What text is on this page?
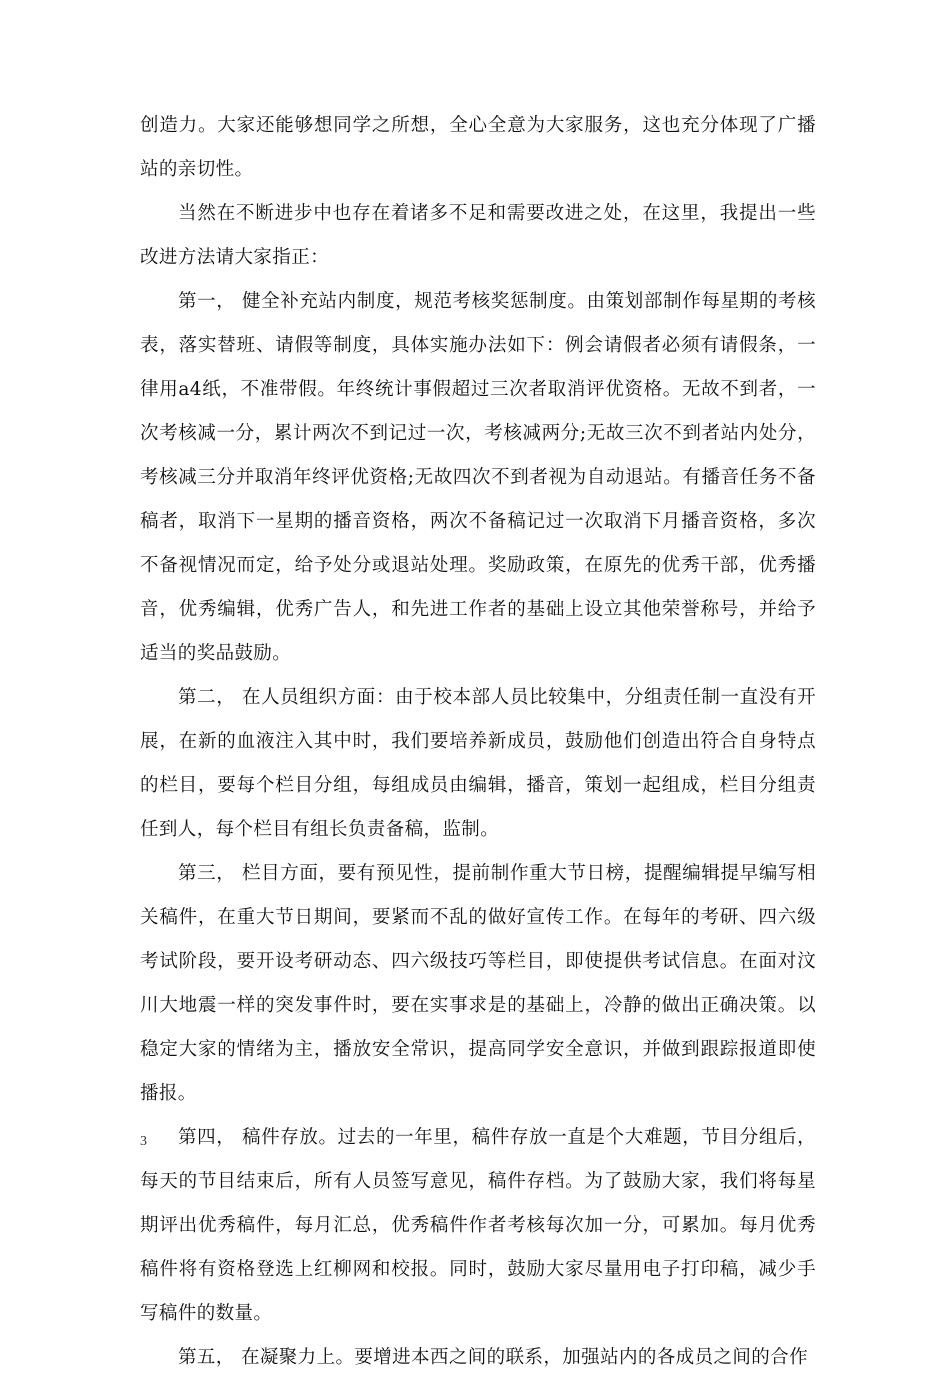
创造力。大家还能够想同学之所想，全心全意为大家服务，这也充分体现了广播站的亲切性。

当然在不断进步中也存在着诸多不足和需要改进之处，在这里，我提出一些改进方法请大家指正：

第一， 健全补充站内制度，规范考核奖惩制度。由策划部制作每星期的考核表，落实替班、请假等制度，具体实施办法如下：例会请假者必须有请假条，一律用a4纸，不准带假。年终统计事假超过三次者取消评优资格。无故不到者，一次考核减一分，累计两次不到记过一次，考核减两分;无故三次不到者站内处分，考核减三分并取消年终评优资格;无故四次不到者视为自动退站。有播音任务不备稿者，取消下一星期的播音资格，两次不备稿记过一次取消下月播音资格，多次不备视情况而定，给予处分或退站处理。奖励政策，在原先的优秀干部，优秀播音，优秀编辑，优秀广告人，和先进工作者的基础上设立其他荣誉称号，并给予适当的奖品鼓励。

第二， 在人员组织方面：由于校本部人员比较集中，分组责任制一直没有开展，在新的血液注入其中时，我们要培养新成员，鼓励他们创造出符合自身特点的栏目，要每个栏目分组，每组成员由编辑，播音，策划一起组成，栏目分组责任到人，每个栏目有组长负责备稿，监制。

第三， 栏目方面，要有预见性，提前制作重大节日榜，提醒编辑提早编写相关稿件，在重大节日期间，要紧而不乱的做好宣传工作。在每年的考研、四六级考试阶段，要开设考研动态、四六级技巧等栏目，即使提供考试信息。在面对汶川大地震一样的突发事件时，要在实事求是的基础上，冷静的做出正确决策。以稳定大家的情绪为主，播放安全常识，提高同学安全意识，并做到跟踪报道即使播报。

第四， 稿件存放。过去的一年里，稿件存放一直是个大难题，节目分组后，每天的节目结束后，所有人员签写意见，稿件存档。为了鼓励大家，我们将每星期评出优秀稿件，每月汇总，优秀稿件作者考核每次加一分，可累加。每月优秀稿件将有资格登选上红柳网和校报。同时，鼓励大家尽量用电子打印稿，减少手写稿件的数量。

第五， 在凝聚力上。要增进本西之间的联系，加强站内的各成员之间的合作

3
